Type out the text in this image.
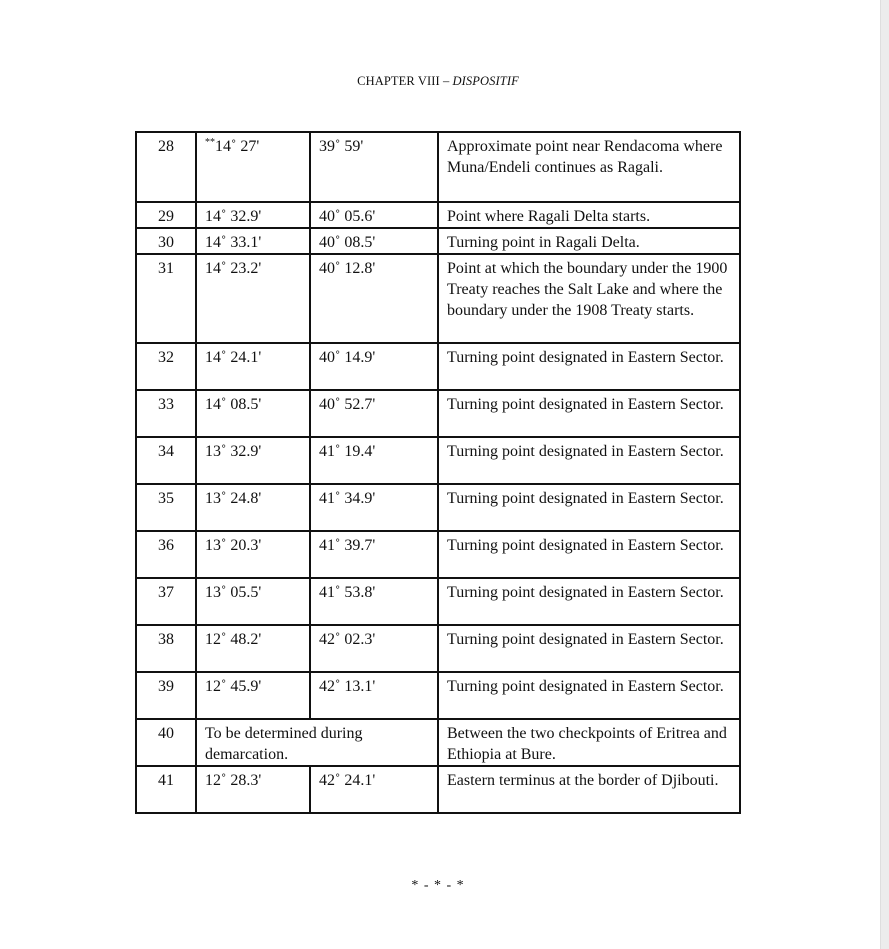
CHAPTER VIII – DISPOSITIF
28	**14˚ 27'	39˚ 59'	Approximate point near Rendacoma where Muna/Endeli continues as Ragali.
29	14˚ 32.9'	40˚ 05.6'	Point where Ragali Delta starts.
30	14˚ 33.1'	40˚ 08.5'	Turning point in Ragali Delta.
31	14˚ 23.2'	40˚ 12.8'	Point at which the boundary under the 1900 Treaty reaches the Salt Lake and where the boundary under the 1908 Treaty starts.
32	14˚ 24.1'	40˚ 14.9'	Turning point designated in Eastern Sector.
33	14˚ 08.5'	40˚ 52.7'	Turning point designated in Eastern Sector.
34	13˚ 32.9'	41˚ 19.4'	Turning point designated in Eastern Sector.
35	13˚ 24.8'	41˚ 34.9'	Turning point designated in Eastern Sector.
36	13˚ 20.3'	41˚ 39.7'	Turning point designated in Eastern Sector.
37	13˚ 05.5'	41˚ 53.8'	Turning point designated in Eastern Sector.
38	12˚ 48.2'	42˚ 02.3'	Turning point designated in Eastern Sector.
39	12˚ 45.9'	42˚ 13.1'	Turning point designated in Eastern Sector.
40	To be determined during demarcation.		Between the two checkpoints of Eritrea and Ethiopia at Bure.
41	12˚ 28.3'	42˚ 24.1'	Eastern terminus at the border of Djibouti.
* - * - *
